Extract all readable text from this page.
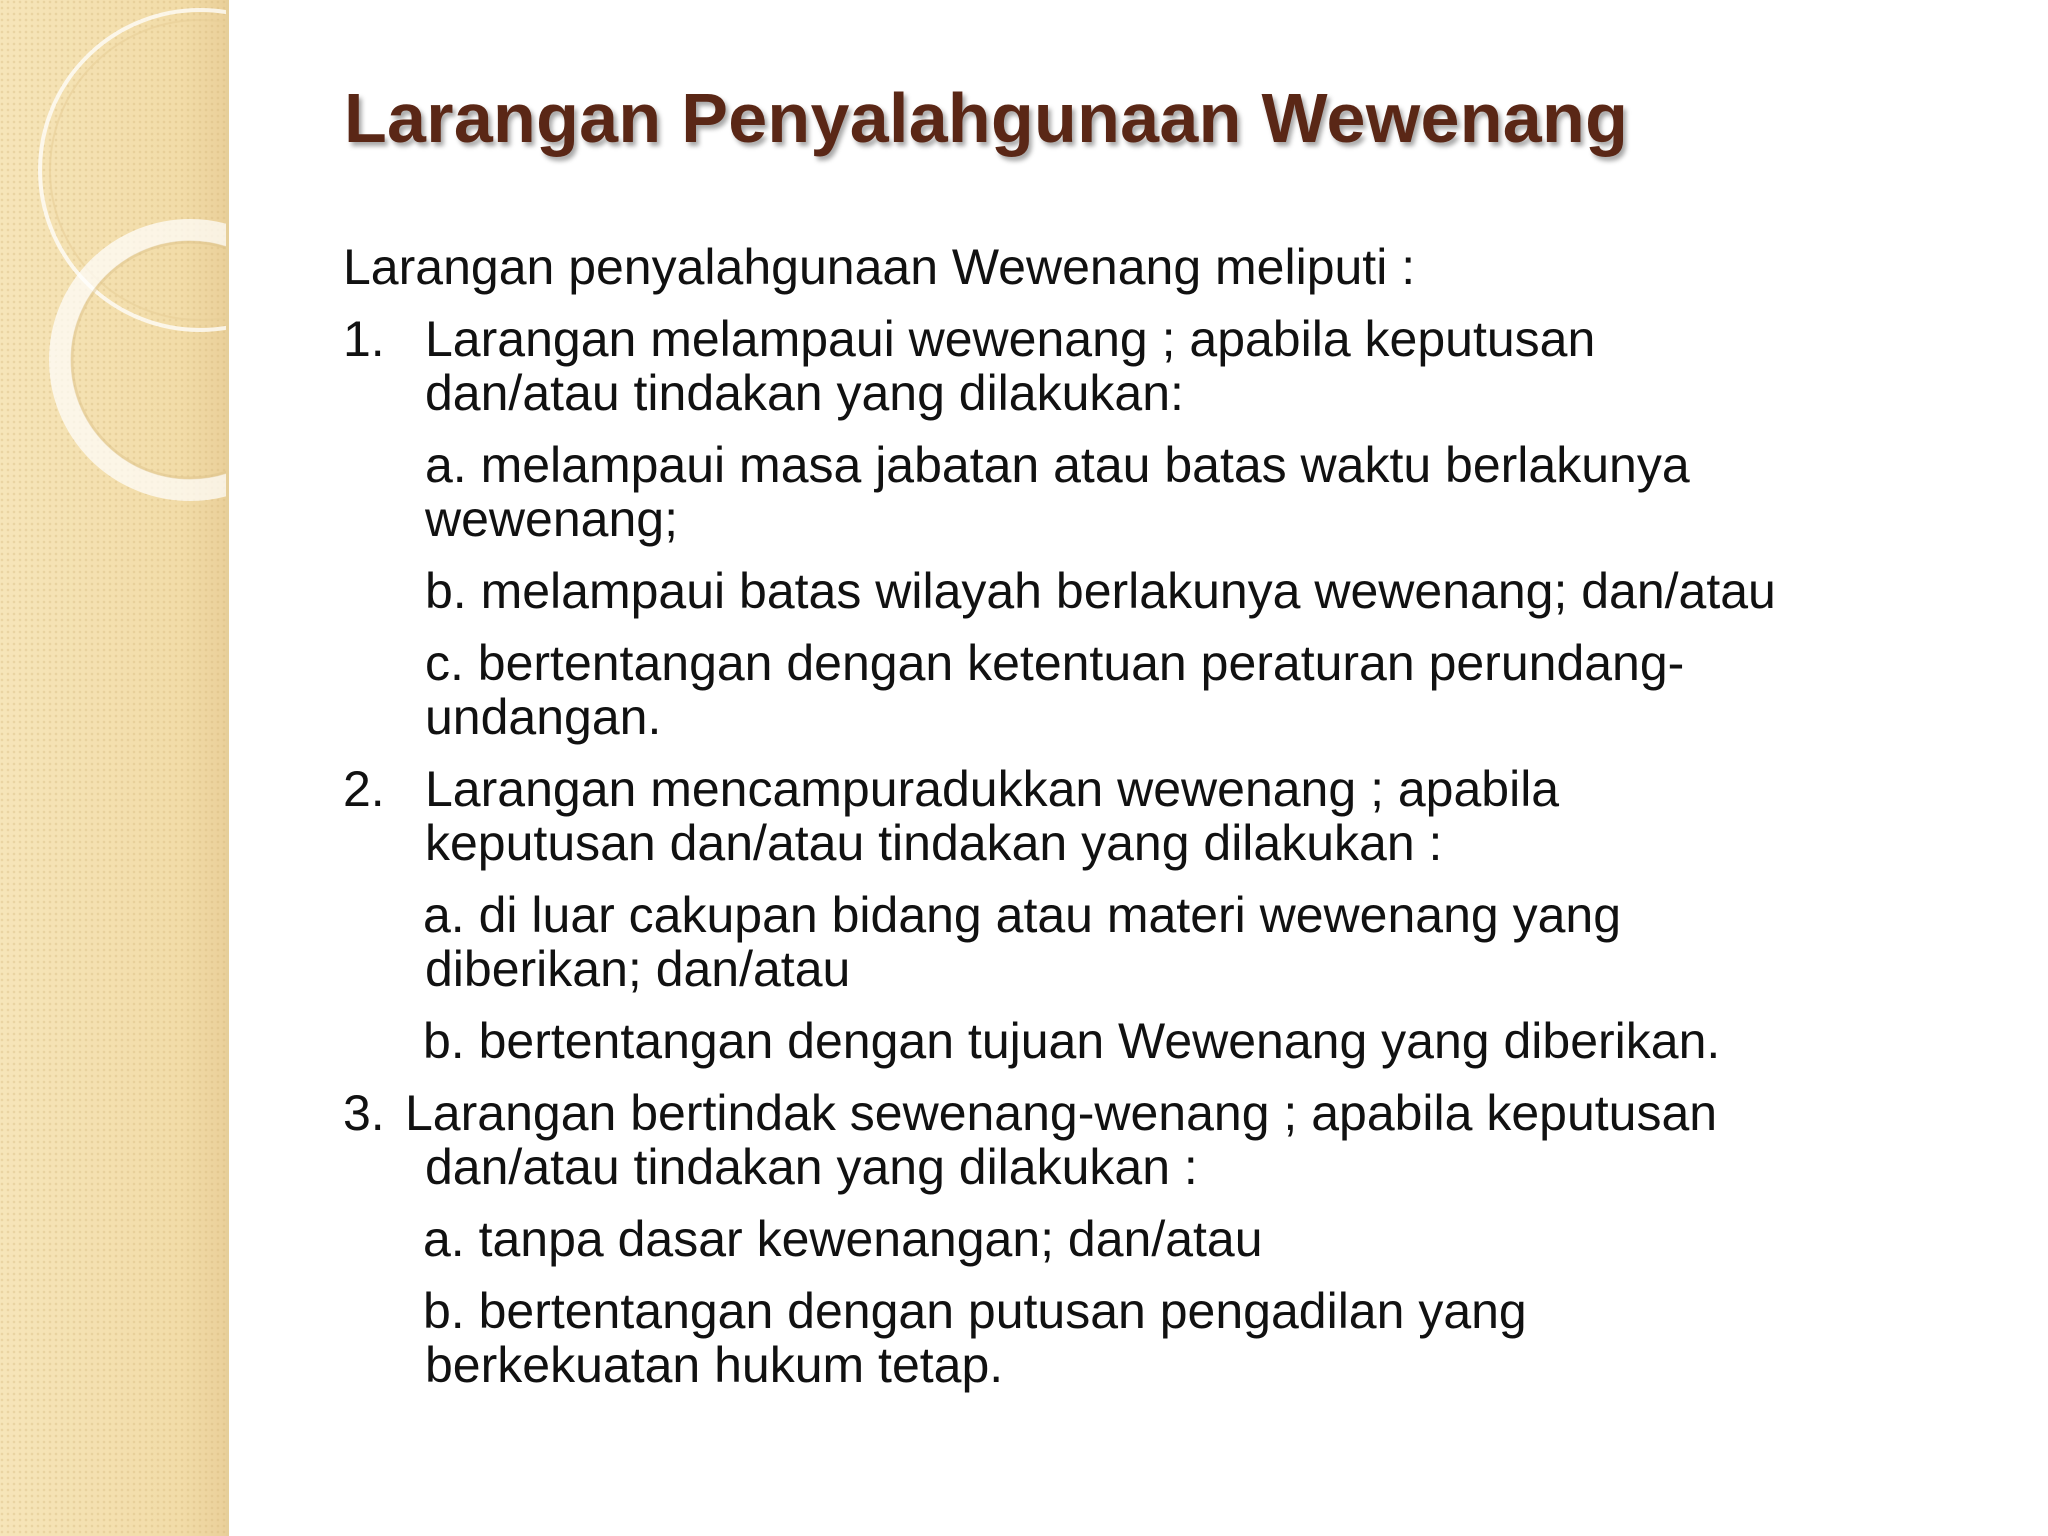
Larangan Penyalahgunaan Wewenang
Larangan penyalahgunaan Wewenang meliputi :
1. Larangan melampaui wewenang ; apabila keputusan
dan/atau tindakan yang dilakukan:
a. melampaui masa jabatan atau batas waktu berlakunya
wewenang;
b. melampaui batas wilayah berlakunya wewenang; dan/atau
c. bertentangan dengan ketentuan peraturan perundang-
undangan.
2. Larangan mencampuradukkan wewenang ; apabila
keputusan dan/atau tindakan yang dilakukan :
a. di luar cakupan bidang atau materi wewenang yang
diberikan; dan/atau
b. bertentangan dengan tujuan Wewenang yang diberikan.
3. Larangan bertindak sewenang-wenang ; apabila keputusan
dan/atau tindakan yang dilakukan :
a. tanpa dasar kewenangan; dan/atau
b. bertentangan dengan putusan pengadilan yang
berkekuatan hukum tetap.
